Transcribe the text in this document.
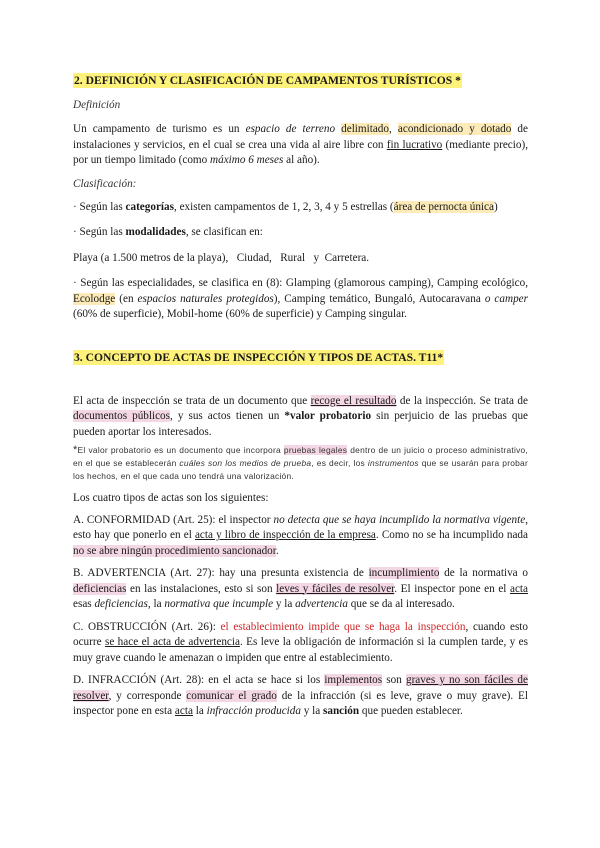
2. DEFINICIÓN Y CLASIFICACIÓN DE CAMPAMENTOS TURÍSTICOS *

Definición

Un campamento de turismo es un espacio de terreno delimitado, acondicionado y dotado de instalaciones y servicios, en el cual se crea una vida al aire libre con fin lucrativo (mediante precio), por un tiempo limitado (como máximo 6 meses al año).

Clasificación:

· Según las categorías, existen campamentos de 1, 2, 3, 4 y 5 estrellas (área de pernocta única)

· Según las modalidades, se clasifican en:

Playa (a 1.500 metros de la playa),   Ciudad,   Rural   y  Carretera.

· Según las especialidades, se clasifica en (8): Glamping (glamorous camping), Camping ecológico, Ecolodge (en espacios naturales protegidos), Camping temático, Bungaló, Autocaravana o camper (60% de superficie), Mobil-home (60% de superficie) y Camping singular.

3. CONCEPTO DE ACTAS DE INSPECCIÓN Y TIPOS DE ACTAS. T11*

El acta de inspección se trata de un documento que recoge el resultado de la inspección. Se trata de documentos públicos, y sus actos tienen un *valor probatorio sin perjuicio de las pruebas que pueden aportar los interesados.

*El valor probatorio es un documento que incorpora pruebas legales dentro de un juicio o proceso administrativo, en el que se establecerán cuáles son los medios de prueba, es decir, los instrumentos que se usarán para probar los hechos, en el que cada uno tendrá una valorización.

Los cuatro tipos de actas son los siguientes:

A. CONFORMIDAD (Art. 25): el inspector no detecta que se haya incumplido la normativa vigente, esto hay que ponerlo en el acta y libro de inspección de la empresa. Como no se ha incumplido nada no se abre ningún procedimiento sancionador.

B. ADVERTENCIA (Art. 27): hay una presunta existencia de incumplimiento de la normativa o deficiencias en las instalaciones, esto si son leves y fáciles de resolver. El inspector pone en el acta esas deficiencias, la normativa que incumple y la advertencia que se da al interesado.

C. OBSTRUCCIÓN (Art. 26): el establecimiento impide que se haga la inspección, cuando esto ocurre se hace el acta de advertencia. Es leve la obligación de información si la cumplen tarde, y es muy grave cuando le amenazan o impiden que entre al establecimiento.

D. INFRACCIÓN (Art. 28): en el acta se hace si los implementos son graves y no son fáciles de resolver, y corresponde comunicar el grado de la infracción (si es leve, grave o muy grave). El inspector pone en esta acta la infracción producida y la sanción que pueden establecer.
